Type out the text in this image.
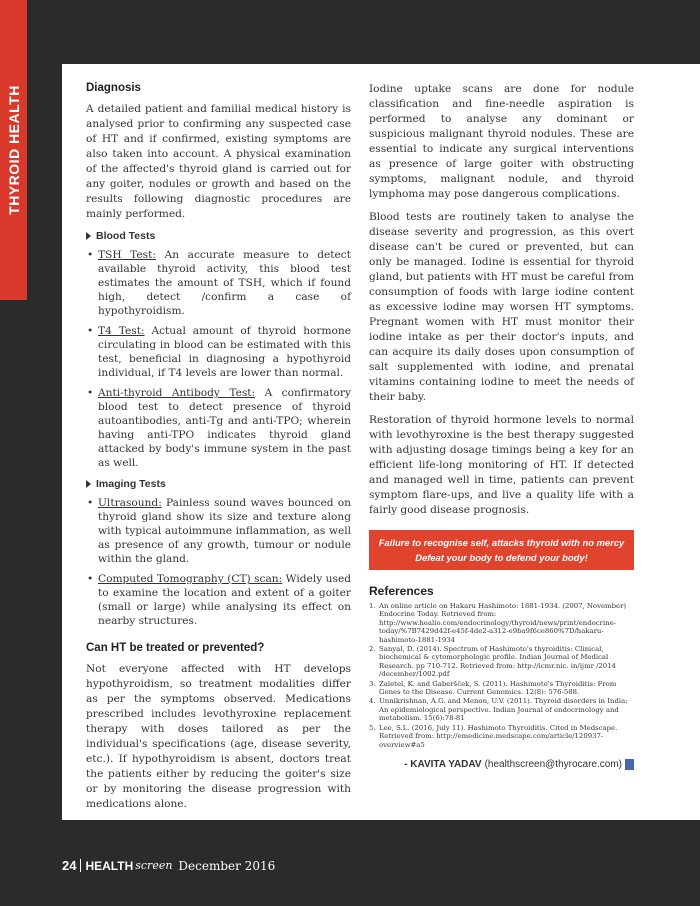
THYROID HEALTH	Diagnosis

A detailed patient and familial medical history is analysed prior to confirming any suspected case of HT and if confirmed, existing symptoms are also taken into account. A physical examination of the affected's thyroid gland is carried out for any goiter, nodules or growth and based on the results following diagnostic procedures are mainly performed.

Blood Tests
• TSH Test: An accurate measure to detect available thyroid activity, this blood test estimates the amount of TSH, which if found high, detect /confirm a case of hypothyroidism.
• T4 Test: Actual amount of thyroid hormone circulating in blood can be estimated with this test, beneficial in diagnosing a hypothyroid individual, if T4 levels are lower than normal.
• Anti-thyroid Antibody Test: A confirmatory blood test to detect presence of thyroid autoantibodies, anti-Tg and anti-TPO; wherein having anti-TPO indicates thyroid gland attacked by body's immune system in the past as well.
Imaging Tests
• Ultrasound: Painless sound waves bounced on thyroid gland show its size and texture along with typical autoimmune inflammation, as well as presence of any growth, tumour or nodule within the gland.
• Computed Tomography (CT) scan: Widely used to examine the location and extent of a goiter (small or large) while analysing its effect on nearby structures.
Can HT be treated or prevented?

Not everyone affected with HT develops hypothyroidism, so treatment modalities differ as per the symptoms observed. Medications prescribed includes levothyroxine replacement therapy with doses tailored as per the individual's specifications (age, disease severity, etc.). If hypothyroidism is absent, doctors treat the patients either by reducing the goiter's size or by monitoring the disease progression with medications alone.

Iodine uptake scans are done for nodule classification and fine-needle aspiration is performed to analyse any dominant or suspicious malignant thyroid nodules. These are essential to indicate any surgical interventions as presence of large goiter with obstructing symptoms, malignant nodule, and thyroid lymphoma may pose dangerous complications.

Blood tests are routinely taken to analyse the disease severity and progression, as this overt disease can't be cured or prevented, but can only be managed. Iodine is essential for thyroid gland, but patients with HT must be careful from consumption of foods with large iodine content as excessive iodine may worsen HT symptoms. Pregnant women with HT must monitor their iodine intake as per their doctor's inputs, and can acquire its daily doses upon consumption of salt supplemented with iodine, and prenatal vitamins containing iodine to meet the needs of their baby.

Restoration of thyroid hormone levels to normal with levothyroxine is the best therapy suggested with adjusting dosage timings being a key for an efficient life-long monitoring of HT. If detected and managed well in time, patients can prevent symptom flare-ups, and live a quality life with a fairly good disease prognosis.

Failure to recognise self, attacks thyroid with no mercy
Defeat your body to defend your body!
References
1. An online article on Hakaru Hashimoto: 1881-1934. (2007, November) Endocrine Today. Retrieved from: http://www.healio.com/endocrinology/thyroid/news/print/endocrine-today/%7B7429d42f-e45f-4de2-a312-e9ba9f6ce860%7D/hakaru-hashimoto-1881-1934
2. Sanyal, D. (2014). Spectrum of Hashimoto's thyroiditis: Clinical, biochemical & cytomorphologic profile. Indian Journal of Medical Research. pp 710-712. Retrieved from: http://icmr.nic. in/ijmr /2014 /december/1002.pdf
3. Zaletel, K. and Gaberšček, S. (2011). Hashimoto's Thyroiditis: From Genes to the Disease. Current Genomics. 12(8): 576-588.
4. Unnikrishnan, A.G. and Menon, U.V. (2011). Thyroid disorders in India: An epidemiological perspective. Indian Journal of endocrinology and metabolism. 15(6):78-81
5. Lee, S.L. (2016, July 11). Hashimoto Thyroiditis. Cited in Medscape. Retrieved from: http://emedicine.medscape.com/article/120937-overview#a5
- KAVITA YADAV (healthscreen@thyrocare.com)
24 HEALTH screen December 2016
